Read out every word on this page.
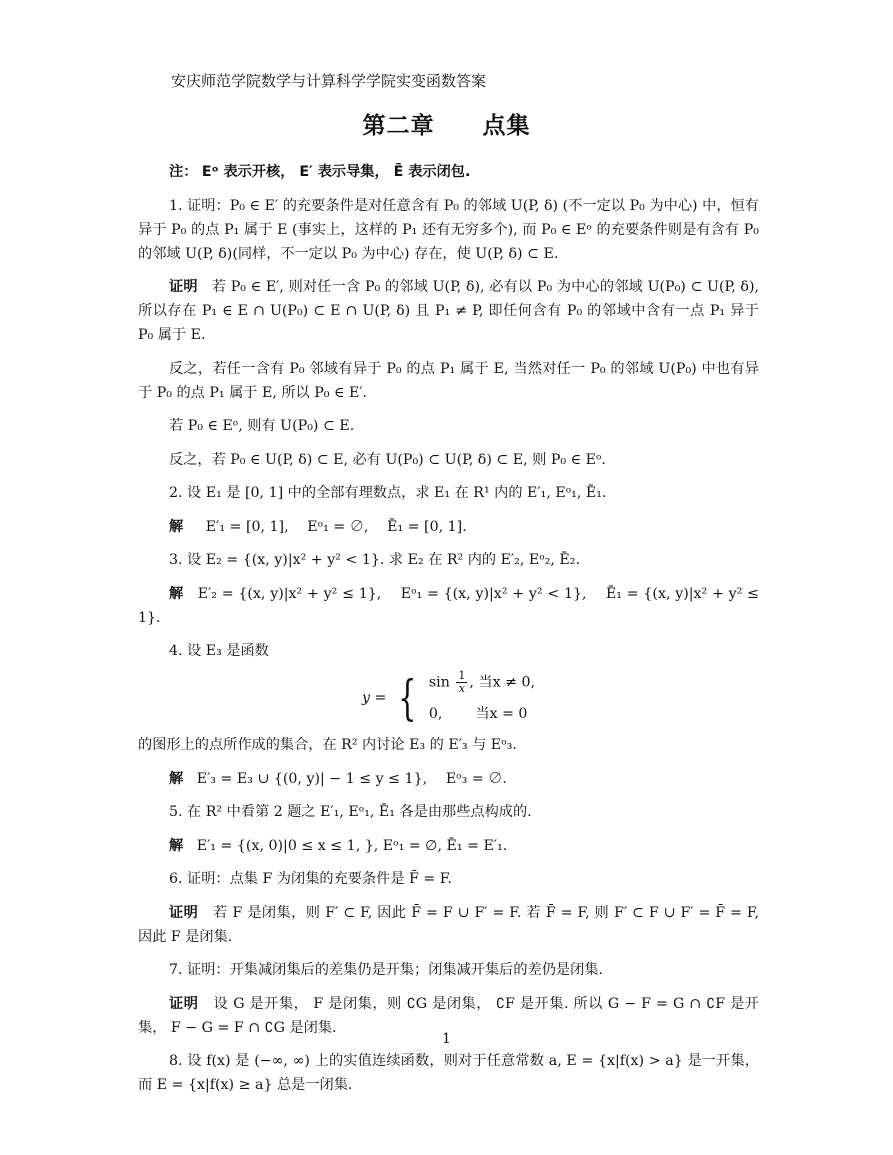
安庆师范学院数学与计算科学学院实变函数答案
第二章　　点集

注： Eᵒ 表示开核， E′ 表示导集， Ē 表示闭包.

1. 证明：P₀ ∈ E′ 的充要条件是对任意含有 P₀ 的邻域 U(P, δ) (不一定以 P₀ 为中心) 中，恒有异于 P₀ 的点 P₁ 属于 E (事实上，这样的 P₁ 还有无穷多个), 而 P₀ ∈ Eᵒ 的充要条件则是有含有 P₀ 的邻域 U(P, δ)(同样，不一定以 P₀ 为中心) 存在，使 U(P, δ) ⊂ E.

证明 若 P₀ ∈ E′, 则对任一含 P₀ 的邻域 U(P, δ), 必有以 P₀ 为中心的邻域 U(P₀) ⊂ U(P, δ), 所以存在 P₁ ∈ E ∩ U(P₀) ⊂ E ∩ U(P, δ) 且 P₁ ≠ P, 即任何含有 P₀ 的邻域中含有一点 P₁ 异于 P₀ 属于 E.

反之，若任一含有 P₀ 邻域有异于 P₀ 的点 P₁ 属于 E, 当然对任一 P₀ 的邻域 U(P₀) 中也有异于 P₀ 的点 P₁ 属于 E, 所以 P₀ ∈ E′.

若 P₀ ∈ Eᵒ, 则有 U(P₀) ⊂ E.

反之，若 P₀ ∈ U(P, δ) ⊂ E, 必有 U(P₀) ⊂ U(P, δ) ⊂ E, 则 P₀ ∈ Eᵒ.

2. 设 E₁ 是 [0, 1] 中的全部有理数点，求 E₁ 在 R¹ 内的 E′₁, Eᵒ₁, Ē₁.

解 E′₁ = [0, 1],　 Eᵒ₁ = ∅,　 Ē₁ = [0, 1].

3. 设 E₂ = {(x, y)|x² + y² < 1}. 求 E₂ 在 R² 内的 E′₂, Eᵒ₂, Ē₂.

解 E′₂ = {(x, y)|x² + y² ≤ 1},　 Eᵒ₁ = {(x, y)|x² + y² < 1},　 Ē₁ = {(x, y)|x² + y² ≤ 1}.

4. 设 E₃ 是函数

y = { $\sin \frac{1}{x}$ , 当x ≠ 0,
0,　　 当x = 0

的图形上的点所作成的集合，在 R² 内讨论 E₃ 的 E′₃ 与 Eᵒ₃.

解 E′₃ = E₃ ∪ {(0, y)| − 1 ≤ y ≤ 1},　 Eᵒ₃ = ∅.

5. 在 R² 中看第 2 题之 E′₁, Eᵒ₁, Ē₁ 各是由那些点构成的.

解 E′₁ = {(x, 0)|0 ≤ x ≤ 1, }, Eᵒ₁ = ∅, Ē₁ = E′₁.

6. 证明：点集 F 为闭集的充要条件是 F̄ = F.

证明 若 F 是闭集，则 F′ ⊂ F, 因此 F̄ = F ∪ F′ = F. 若 F̄ = F, 则 F′ ⊂ F ∪ F′ = F̄ = F, 因此 F 是闭集.

7. 证明：开集减闭集后的差集仍是开集；闭集减开集后的差仍是闭集.

证明 设 G 是开集， F 是闭集，则 ∁G 是闭集， ∁F 是开集. 所以 G − F = G ∩ ∁F 是开集， F − G = F ∩ ∁G 是闭集.

8. 设 f(x) 是 (−∞, ∞) 上的实值连续函数，则对于任意常数 a, E = {x|f(x) > a} 是一开集，而 E = {x|f(x) ≥ a} 总是一闭集.

1
